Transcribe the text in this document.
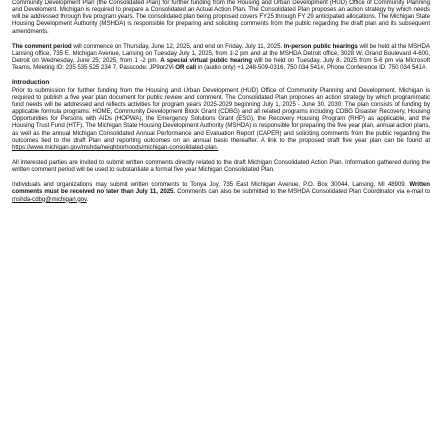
Community Development Plan (the Consolidated Plan) for further funding from the Housing and Urban Development (HUD) Office of Community Planning and Develoment. Michigan is required to prepare a Consolidated an Actual Action Plan. The Consolidated Plan proposes an action strategy by which needs will be addressed through five program years. The consolidated plan being proposed covers FY25 through FY 29 anticipated allocations. The Michigan State Housing Development Authority (MSHDA) is responsible for preparing and soliciting comments from the public regarding the draft plan and its subsequent amendments.

The comment period will commence on Thursday, June 12, 2025, and end on Friday, July 11, 2025. In-person public hearings will be held at the MSHDA Lansing office, 735 E. Michigan Avenue, Lansing on Tuesday July 1, 2025, from 1-2 pm and at the MSHDA Detroit office, 3028 W. Grand Boulevard 4-600, Detroit on Wednesday, June 25, 2025, from 1 -2 pm. A special virtual public hearing will be held on Tuesday, July 8, 2025 from 5-6 pm via Microsoft Teams, Meeting ID: 235 535 525 234 7, Passcode: JP9or2Vi OR call in (audio only) +1 248-509-0316, 750 034 541#, Phone Conference ID: 750 034 541#.

Introduction

Prior to submission for further funding from the Housing and Urban Development (HUD) Office of Community Planning and Development, Michigan is required to publish a five year plan document for public review and comment. The Consolidated Plan proposes an action strategy by which programmatic fund needs will be addressed and reflects activities for program years 2025-2029 beginning July 1, 2025 - June 30, 2030. The plan consists of funding by applicable formula programs: HOME, Community Development Block Grant (CDBG) and all related programs including CDBG Disaster Recovery, Housing Opportunities for Persons with AIDs (HOPWA), the Emergency Solutions Grant (ESG), the Recovery Housing Program (RHP) as applicable, and the Housing Trust Fund (HTF). The Michigan State Housing Development Authority (MSHDA) is responsible for preparing the five year plan, annual action plans, as well as the annual Michigan Consolidated Annual Performance and Evaluation Report (CAPER) and soliciting comments from the public regarding the outcomes tied to the draft Plan and reporting outcomes on an annual basis thereafter. A link to the proposed draft five year plan can be found at https://www.michigan.gov/mshda/neighborhoods/michigan-consolidated-plan.

All interested parties are invited to submit written comments directly related to the draft Michigan Consolidated Action Plan. Information gathered during the written comment period will be used to substantiate a formal five year Michigan Consolidated Plan.

Individuals and organizations may submit written comments to Tonya Joy, 735 East Michigan Avenue, P.O. Box 30044, Lansing, MI 48909. Written comments must be received no later than July 11, 2025. Comments can also be submitted to the MSHDA Consolidated Plan Coordinator via e-mail to mshda-cdbg@michigan.gov.
